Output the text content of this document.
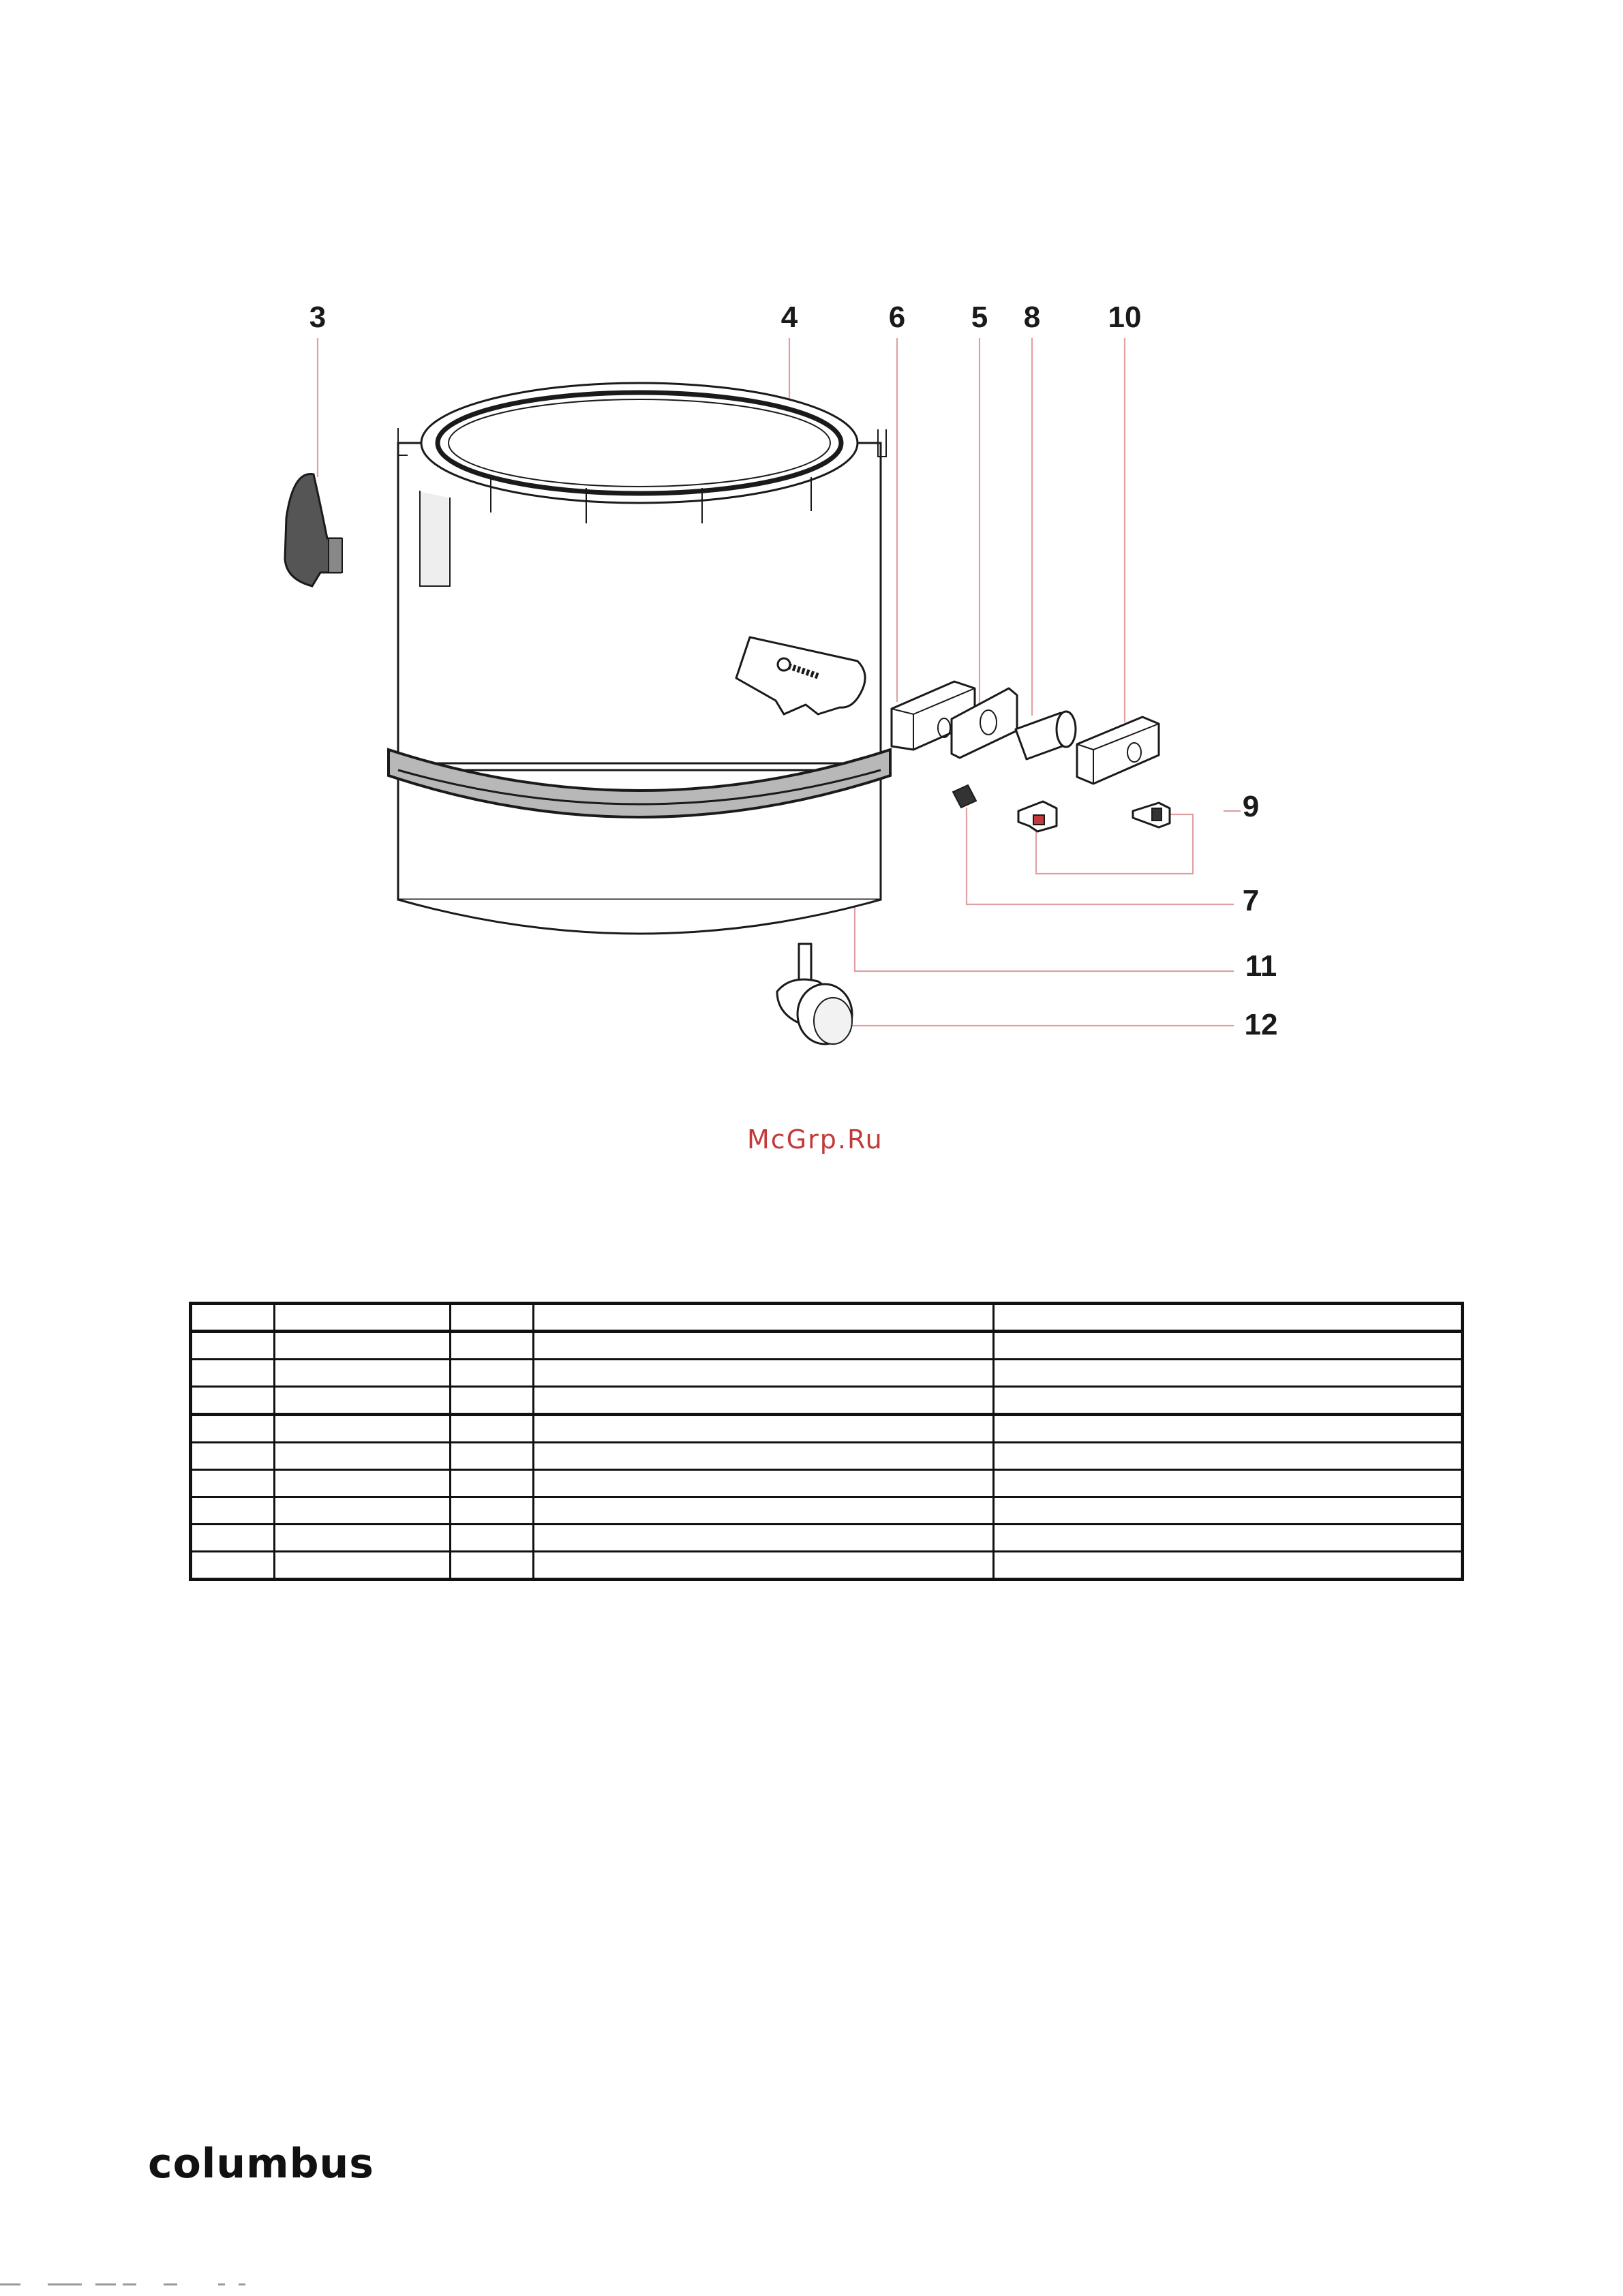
3	4	6 5 8 10
9
7
11
12
McGrp.Ru

columbus
